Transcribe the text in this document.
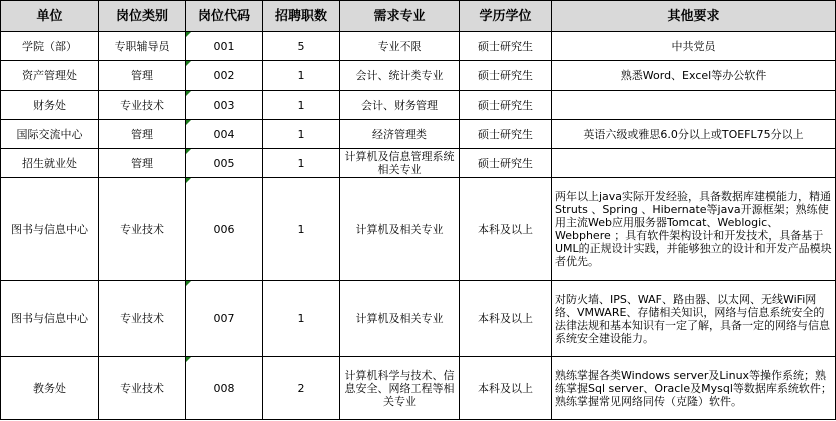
单位	岗位类别	岗位代码	招聘职数	需求专业	学历学位	其他要求
学院（部）	专职辅导员	001	5	专业不限	硕士研究生	中共党员
资产管理处	管理	002	1	会计、统计类专业	硕士研究生	熟悉Word、Excel等办公软件
财务处	专业技术	003	1	会计、财务管理	硕士研究生	
国际交流中心	管理	004	1	经济管理类	硕士研究生	英语六级或雅思6.0分以上或TOEFL75分以上
招生就业处	管理	005	1	计算机及信息管理系统相关专业	硕士研究生	
图书与信息中心	专业技术	006	1	计算机及相关专业	本科及以上	两年以上java实际开发经验，具备数据库建模能力，精通Struts 、Spring 、Hibernate等java开源框架；熟练使用主流Web应用服务器Tomcat、Weblogic、Webphere ；具有软件架构设计和开发技术，具备基于UML的正规设计实践，并能够独立的设计和开发产品模块者优先。
图书与信息中心	专业技术	007	1	计算机及相关专业	本科及以上	对防火墙、IPS、WAF、路由器、以太网、无线WiFi网络、VMWARE、存储相关知识，网络与信息系统安全的法律法规和基本知识有一定了解，具备一定的网络与信息系统安全建设能力。
教务处	专业技术	008	2	计算机科学与技术、信息安全、网络工程等相关专业	本科及以上	熟练掌握各类Windows server及Linux等操作系统；熟练掌握Sql server、Oracle及Mysql等数据库系统软件；熟练掌握常见网络同传（克隆）软件。
